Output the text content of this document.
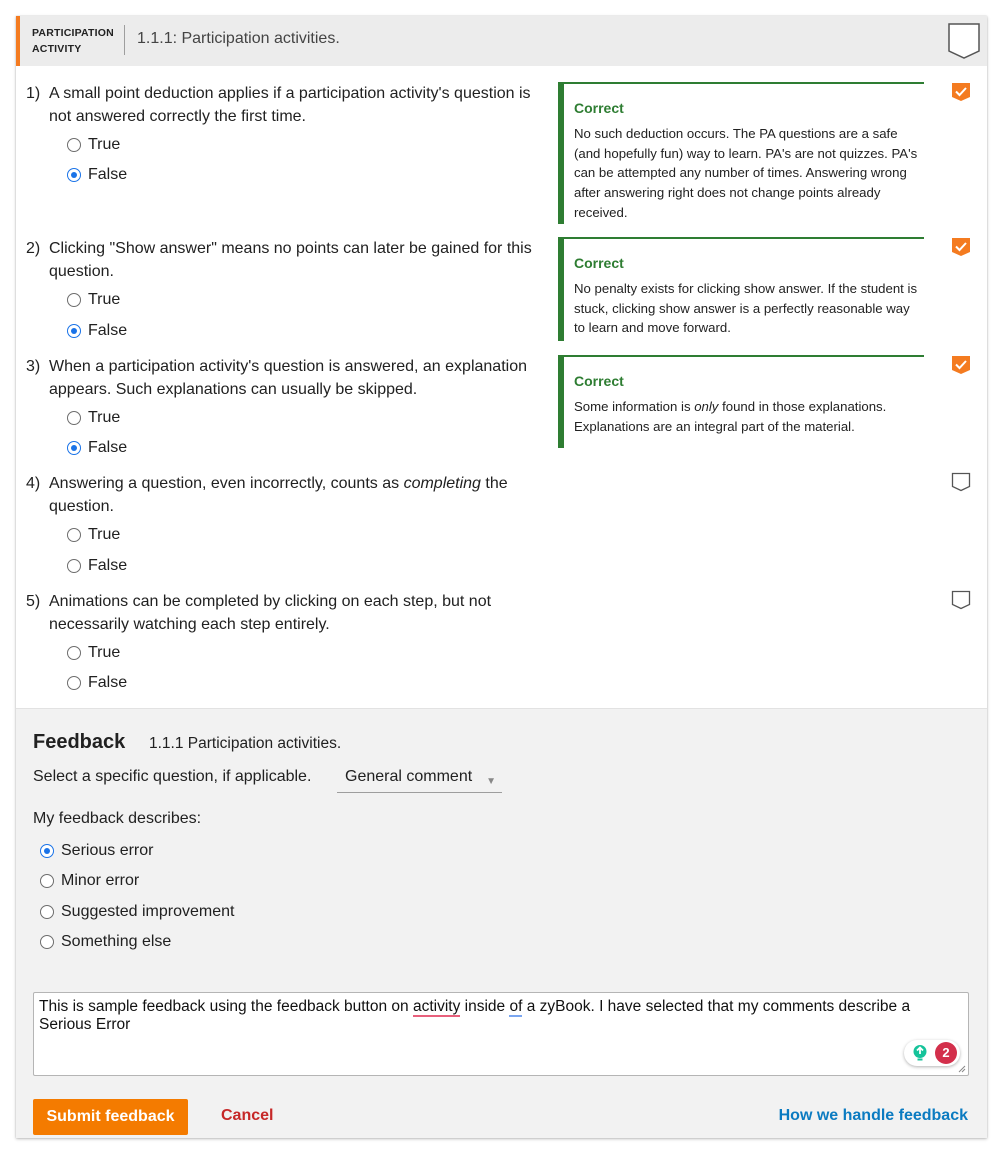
PARTICIPATION
ACTIVITY
1.1.1: Participation activities.
1) A small point deduction applies if a participation activity's question is not answered correctly the first time.
True
False
Correct
No such deduction occurs. The PA questions are a safe (and hopefully fun) way to learn. PA's are not quizzes. PA's can be attempted any number of times. Answering wrong after answering right does not change points already received.
2) Clicking "Show answer" means no points can later be gained for this question.
True
False
Correct
No penalty exists for clicking show answer. If the student is stuck, clicking show answer is a perfectly reasonable way to learn and move forward.
3) When a participation activity's question is answered, an explanation appears. Such explanations can usually be skipped.
True
False
Correct
Some information is only found in those explanations. Explanations are an integral part of the material.
4) Answering a question, even incorrectly, counts as completing the question.
True
False
5) Animations can be completed by clicking on each step, but not necessarily watching each step entirely.
True
False
Feedback 1.1.1 Participation activities.
Select a specific question, if applicable.	General comment ▼
My feedback describes:
Serious error
Minor error
Suggested improvement
Something else
This is sample feedback using the feedback button on activity inside of a zyBook. I have selected that my comments describe a Serious Error
2
Submit feedback	Cancel	How we handle feedback
